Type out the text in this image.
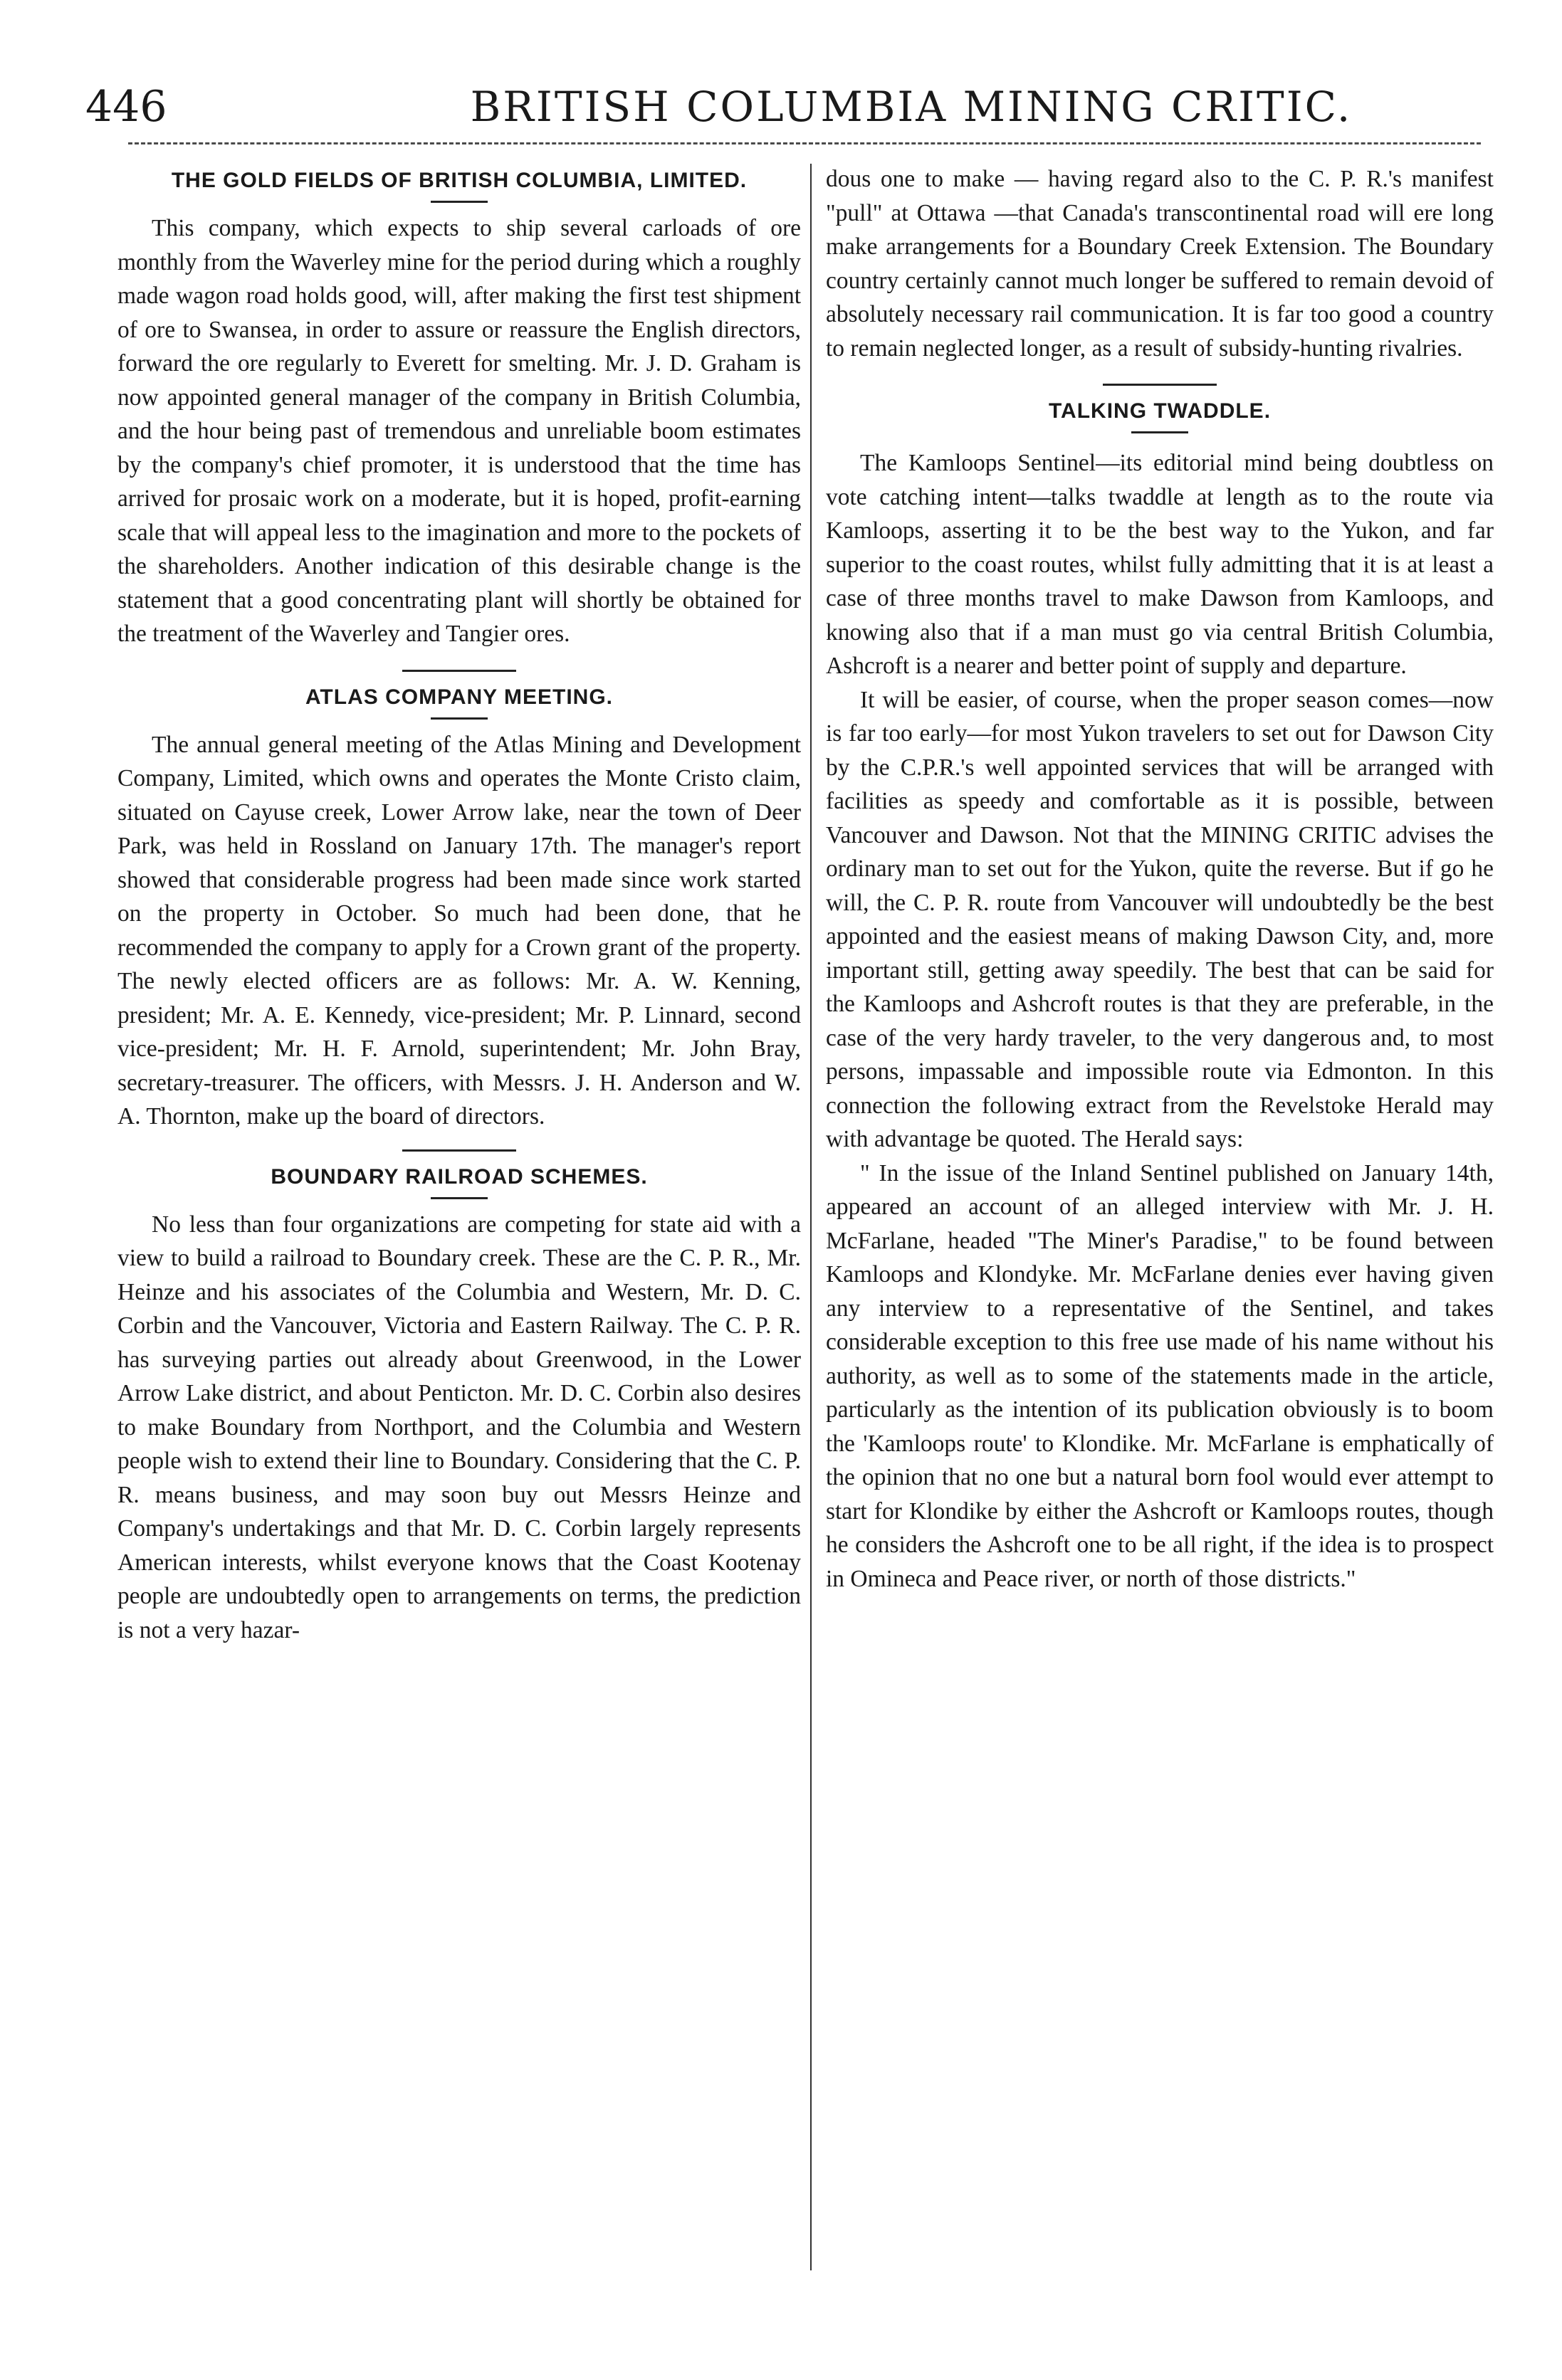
446	BRITISH COLUMBIA MINING CRITIC.
THE GOLD FIELDS OF BRITISH COLUMBIA, LIMITED.

This company, which expects to ship several carloads of ore monthly from the Waverley mine for the period during which a roughly made wagon road holds good, will, after making the first test shipment of ore to Swansea, in order to assure or reassure the English directors, forward the ore regularly to Everett for smelting. Mr. J. D. Graham is now appointed general manager of the company in British Columbia, and the hour being past of tremendous and unreliable boom estimates by the company's chief promoter, it is understood that the time has arrived for prosaic work on a moderate, but it is hoped, profit-earning scale that will appeal less to the imagination and more to the pockets of the shareholders. Another indication of this desirable change is the statement that a good concentrating plant will shortly be obtained for the treatment of the Waverley and Tangier ores.

ATLAS COMPANY MEETING.

The annual general meeting of the Atlas Mining and Development Company, Limited, which owns and operates the Monte Cristo claim, situated on Cayuse creek, Lower Arrow lake, near the town of Deer Park, was held in Rossland on January 17th. The manager's report showed that considerable progress had been made since work started on the property in October. So much had been done, that he recommended the company to apply for a Crown grant of the property. The newly elected officers are as follows: Mr. A. W. Kenning, president; Mr. A. E. Kennedy, vice-president; Mr. P. Linnard, second vice-president; Mr. H. F. Arnold, superintendent; Mr. John Bray, secretary-treasurer. The officers, with Messrs. J. H. Anderson and W. A. Thornton, make up the board of directors.

BOUNDARY RAILROAD SCHEMES.

No less than four organizations are competing for state aid with a view to build a railroad to Boundary creek. These are the C. P. R., Mr. Heinze and his associates of the Columbia and Western, Mr. D. C. Corbin and the Vancouver, Victoria and Eastern Railway. The C. P. R. has surveying parties out already about Greenwood, in the Lower Arrow Lake district, and about Penticton. Mr. D. C. Corbin also desires to make Boundary from Northport, and the Columbia and Western people wish to extend their line to Boundary. Considering that the C. P. R. means business, and may soon buy out Messrs Heinze and Company's undertakings and that Mr. D. C. Corbin largely represents American interests, whilst everyone knows that the Coast Kootenay people are undoubtedly open to arrangements on terms, the prediction is not a very hazar-

dous one to make — having regard also to the C. P. R.'s manifest "pull" at Ottawa —that Canada's transcontinental road will ere long make arrangements for a Boundary Creek Extension. The Boundary country certainly cannot much longer be suffered to remain devoid of absolutely necessary rail communication. It is far too good a country to remain neglected longer, as a result of subsidy-hunting rivalries.

TALKING TWADDLE.

The Kamloops Sentinel—its editorial mind being doubtless on vote catching intent—talks twaddle at length as to the route via Kamloops, asserting it to be the best way to the Yukon, and far superior to the coast routes, whilst fully admitting that it is at least a case of three months travel to make Dawson from Kamloops, and knowing also that if a man must go via central British Columbia, Ashcroft is a nearer and better point of supply and departure.

It will be easier, of course, when the proper season comes—now is far too early—for most Yukon travelers to set out for Dawson City by the C.P.R.'s well appointed services that will be arranged with facilities as speedy and comfortable as it is possible, between Vancouver and Dawson. Not that the MINING CRITIC advises the ordinary man to set out for the Yukon, quite the reverse. But if go he will, the C. P. R. route from Vancouver will undoubtedly be the best appointed and the easiest means of making Dawson City, and, more important still, getting away speedily. The best that can be said for the Kamloops and Ashcroft routes is that they are preferable, in the case of the very hardy traveler, to the very dangerous and, to most persons, impassable and impossible route via Edmonton. In this connection the following extract from the Revelstoke Herald may with advantage be quoted. The Herald says:

" In the issue of the Inland Sentinel published on January 14th, appeared an account of an alleged interview with Mr. J. H. McFarlane, headed "The Miner's Paradise," to be found between Kamloops and Klondyke. Mr. McFarlane denies ever having given any interview to a representative of the Sentinel, and takes considerable exception to this free use made of his name without his authority, as well as to some of the statements made in the article, particularly as the intention of its publication obviously is to boom the 'Kamloops route' to Klondike. Mr. McFarlane is emphatically of the opinion that no one but a natural born fool would ever attempt to start for Klondike by either the Ashcroft or Kamloops routes, though he considers the Ashcroft one to be all right, if the idea is to prospect in Omineca and Peace river, or north of those districts."
